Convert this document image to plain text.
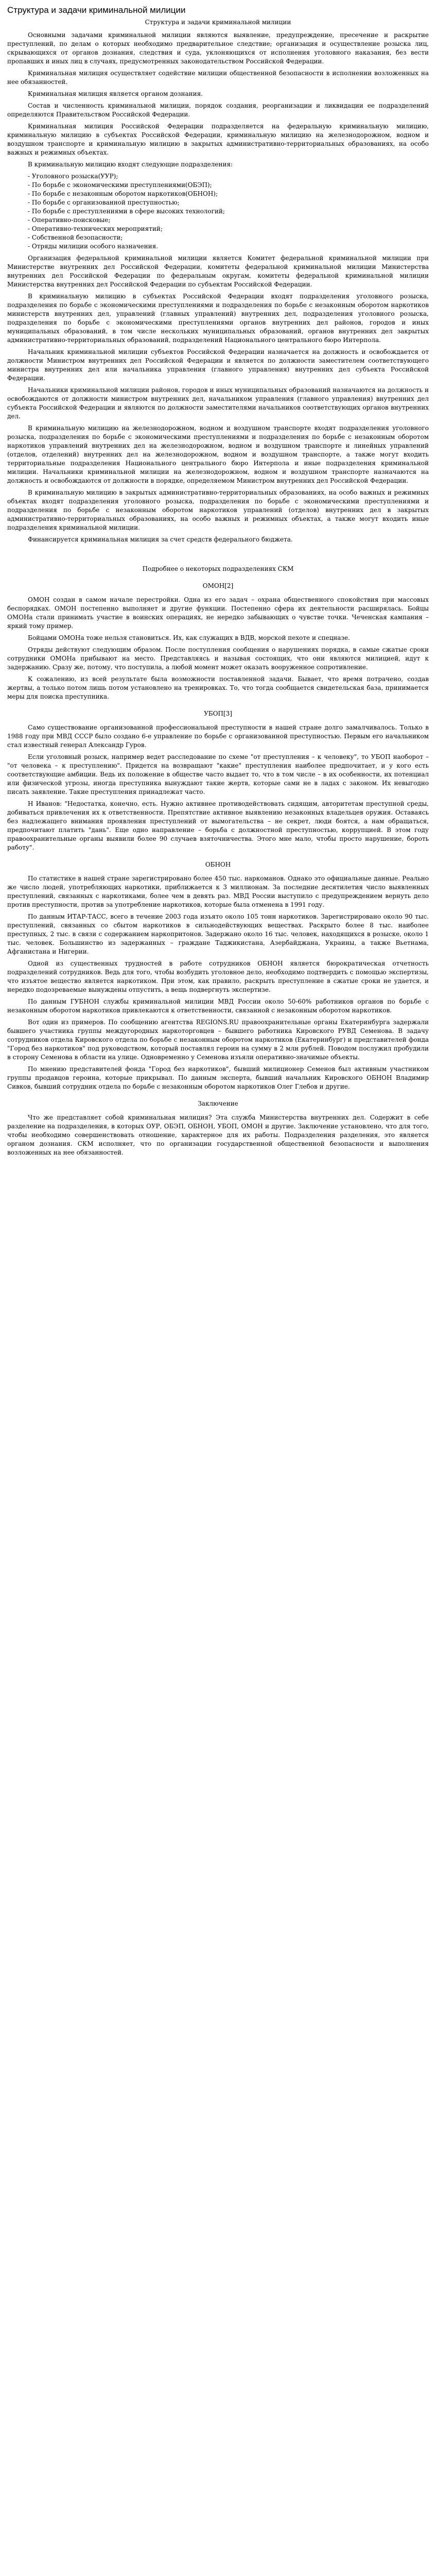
Структура и задачи криминальной милиции
Структура и задачи криминальной милиции

Основными задачами криминальной милиции являются выявление, предупреждение, пресечение и раскрытие преступлений, по делам о которых необходимо предварительное следствие; организация и осуществление розыска лиц, скрывающихся от органов дознания, следствия и суда, уклоняющихся от исполнения уголовного наказания, без вести пропавших и иных лиц в случаях, предусмотренных законодательством Российской Федерации.

Криминальная милиция осуществляет содействие милиции общественной безопасности в исполнении возложенных на нее обязанностей.

Криминальная милиция является органом дознания.

Состав и численность криминальной милиции, порядок создания, реорганизации и ликвидации ее подразделений определяются Правительством Российской Федерации.

Криминальная милиция Российской Федерации подразделяется на федеральную криминальную милицию, криминальную милицию в субъектах Российской Федерации, криминальную милицию на железнодорожном, водном и воздушном транспорте и криминальную милицию в закрытых административно-территориальных образованиях, на особо важных и режимных объектах.

В криминальную милицию входят следующие подразделения:

- Уголовного розыска(УУР);
- По борьбе с экономическими преступлениями(ОБЭП);
- По борьбе с незаконным оборотом наркотиков(ОБНОН);
- По борьбе с организованной преступностью;
- По борьбе с преступлениями в сфере высоких технологий;
- Оперативно-поисковые;
- Оперативно-технических мероприятий;
- Собственной безопасности;
- Отряды милиции особого назначения.

Организация федеральной криминальной милиции является Комитет федеральной криминальной милиции при Министерстве внутренних дел Российской Федерации, комитеты федеральной криминальной милиции Министерства внутренних дел Российской Федерации по федеральным округам, комитеты федеральной криминальной милиции Министерства внутренних дел Российской Федерации по субъектам Российской Федерации.

В криминальную милицию в субъектах Российской Федерации входят подразделения уголовного розыска, подразделения по борьбе с экономическими преступлениями и подразделения по борьбе с незаконным оборотом наркотиков министерств внутренних дел, управлений (главных управлений) внутренних дел, подразделения уголовного розыска, подразделения по борьбе с экономическими преступлениями органов внутренних дел районов, городов и иных муниципальных образований, в том числе нескольких муниципальных образований, органов внутренних дел закрытых административно-территориальных образований, подразделений Национального центрального бюро Интерпола.

Начальник криминальной милиции субъектов Российской Федерации назначается на должность и освобождается от должности Министром внутренних дел Российской Федерации и является по должности заместителем соответствующего министра внутренних дел или начальника управления (главного управления) внутренних дел субъекта Российской Федерации.

Начальники криминальной милиции районов, городов и иных муниципальных образований назначаются на должность и освобождаются от должности министром внутренних дел, начальником управления (главного управления) внутренних дел субъекта Российской Федерации и являются по должности заместителями начальников соответствующих органов внутренних дел.

В криминальную милицию на железнодорожном, водном и воздушном транспорте входят подразделения уголовного розыска, подразделения по борьбе с экономическими преступлениями и подразделения по борьбе с незаконным оборотом наркотиков управлений внутренних дел на железнодорожном, водном и воздушном транспорте и линейных управлений (отделов, отделений) внутренних дел на железнодорожном, водном и воздушном транспорте, а также могут входить территориальные подразделения Национального центрального бюро Интерпола и иные подразделения криминальной милиции. Начальники криминальной милиции на железнодорожном, водном и воздушном транспорте назначаются на должность и освобождаются от должности в порядке, определяемом Министром внутренних дел Российской Федерации.

В криминальную милицию в закрытых административно-территориальных образованиях, на особо важных и режимных объектах входят подразделения уголовного розыска, подразделения по борьбе с экономическими преступлениями и подразделения по борьбе с незаконным оборотом наркотиков управлений (отделов) внутренних дел в закрытых административно-территориальных образованиях, на особо важных и режимных объектах, а также могут входить иные подразделения криминальной милиции.

Финансируется криминальная милиция за счет средств федерального бюджета.

Подробнее о некоторых подразделениях СКМ

ОМОН[2]

ОМОН создан в самом начале перестройки. Одна из его задач – охрана общественного спокойствия при массовых беспорядках. ОМОН постепенно выполняет и другие функции. Постепенно сфера их деятельности расширялась. Бойцы ОМОНа стали принимать участие в воинских операциях, не нередко забывающих о чувстве точки. Чеченская кампания – яркий тому пример.

Бойцами ОМОНа тоже нельзя становиться. Их, как служащих в ВДВ, морской пехоте и спецназе.

Отряды действуют следующим образом. После поступления сообщения о нарушениях порядка, в самые сжатые сроки сотрудники ОМОНа прибывают на место. Представляясь и называя состоящих, что они являются милицией, идут к задержанию. Сразу же, потому, что поступила, а любой момент может оказать вооруженное сопротивление.

К сожалению, из всей результате была возможности поставленной задачи. Бывает, что время потрачено, создав жертвы, а только потом лишь потом установлено на тренировках. То, что тогда сообщается свидетельская база, принимается меры для поиска преступника.

УБОП[3]

Само существование организованной профессиональной преступности в нашей стране долго замалчивалось. Только в 1988 году при МВД СССР было создано 6-е управление по борьбе с организованной преступностью. Первым его начальником стал известный генерал Александр Гуров.

Если уголовный розыск, например ведет расследование по схеме "от преступления – к человеку", то УБОП наоборот – "от человека – к преступлению". Придется на возвращают "какие" преступления наиболее предпочитает, и у кого есть соответствующие амбиции. Ведь их положение в обществе часто выдает то, что в том числе – в их особенности, их потенциал или физической угрозы, иногда преступника вынуждают такие жертв, которые сами не в ладах с законом. Их невыгодно писать заявление. Такие преступления принадлежат часто.

Н Иванов: "Недостатка, конечно, есть. Нужно активнее противодействовать сидящим, авторитетам преступной среды, добиваться привлечения их к ответственности. Препятствие активное выявлению незаконных владельцев оружия. Оставаясь без надлежащего внимания проявления преступлений от вымогательства – не секрет, люди боятся, а нам обращаться, предпочитают платить "дань". Еще одно направление – борьба с должностной преступностью, коррупцией. В этом году правоохранительные органы выявили более 90 случаев взяточничества. Этого мне мало, чтобы просто нарушение, бороть работу".

ОБНОН

По статистике в нашей стране зарегистрировано более 450 тыс. наркоманов. Однако это официальные данные. Реально же число людей, употребляющих наркотики, приближается к 3 миллионам. За последние десятилетия число выявленных преступлений, связанных с наркотиками, более чем в девять раз. МВД России выступило с предупреждением вернуть дело против преступности, против за употребление наркотиков, которые была отменена в 1991 году.

По данным ИТАР-ТАСС, всего в течение 2003 года изъято около 105 тонн наркотиков. Зарегистрировано около 90 тыс. преступлений, связанных со сбытом наркотиков в сильнодействующих веществах. Раскрыто более 8 тыс. наиболее преступных, 2 тыс. в связи с содержанием наркопритонов. Задержано около 16 тыс. человек, находящихся в розыске, около 1 тыс. человек. Большинство из задержанных – граждане Таджикистана, Азербайджана, Украины, а также Вьетнама, Афганистана и Нигерии.

Одной из существенных трудностей в работе сотрудников ОБНОН является бюрократическая отчетность подразделений сотрудников. Ведь для того, чтобы возбудить уголовное дело, необходимо подтвердить с помощью экспертизы, что изъятое вещество является наркотиком. При этом, как правило, раскрыть преступление в сжатые сроки не удается, и нередко подозреваемые вынуждены отпустить, а вещь подвергнуть экспертизе.

По данным ГУБНОН службы криминальной милиции МВД России около 50-60% работников органов по борьбе с незаконным оборотом наркотиков привлекаются к ответственности, связанной с незаконным оборотом наркотиков.

Вот один из примеров. По сообщению агентства REGIONS.RU правоохранительные органы Екатеринбурга задержали бывшего участника группы междугородных наркоторговцев – бывшего работника Кировского РУВД Семенова. В задачу сотрудников отдела Кировского отдела по борьбе с незаконным оборотом наркотиков (Екатеринбург) и представителей фонда "Город без наркотиков" под руководством, который поставлял героин на сумму в 2 млн рублей. Поводом послужил пробудили в сторону Семенова в области на улице. Одновременно у Семенова изъяли оперативно-значимые объекты.

По мнению представителей фонда "Город без наркотиков", бывший милиционер Семенов был активным участником группы продавцов героина, которые прикрывал. По данным эксперта, бывший начальник Кировского ОБНОН Владимир Сивков, бывший сотрудник отдела по борьбе с незаконным оборотом наркотиков Олег Глебов и другие.

Заключение

Что же представляет собой криминальная милиция? Эта служба Министерства внутренних дел. Содержит в себе разделение на подразделения, в которых ОУР, ОБЭП, ОБНОН, УБОП, ОМОН и другие. Заключение установлено, что для того, чтобы необходимо совершенствовать отношение, характерное для их работы. Подразделения разделения, это является органом дознания. СКМ исполняет, что по организации государственной общественной безопасности и выполнения возложенных на нее обязанностей.
